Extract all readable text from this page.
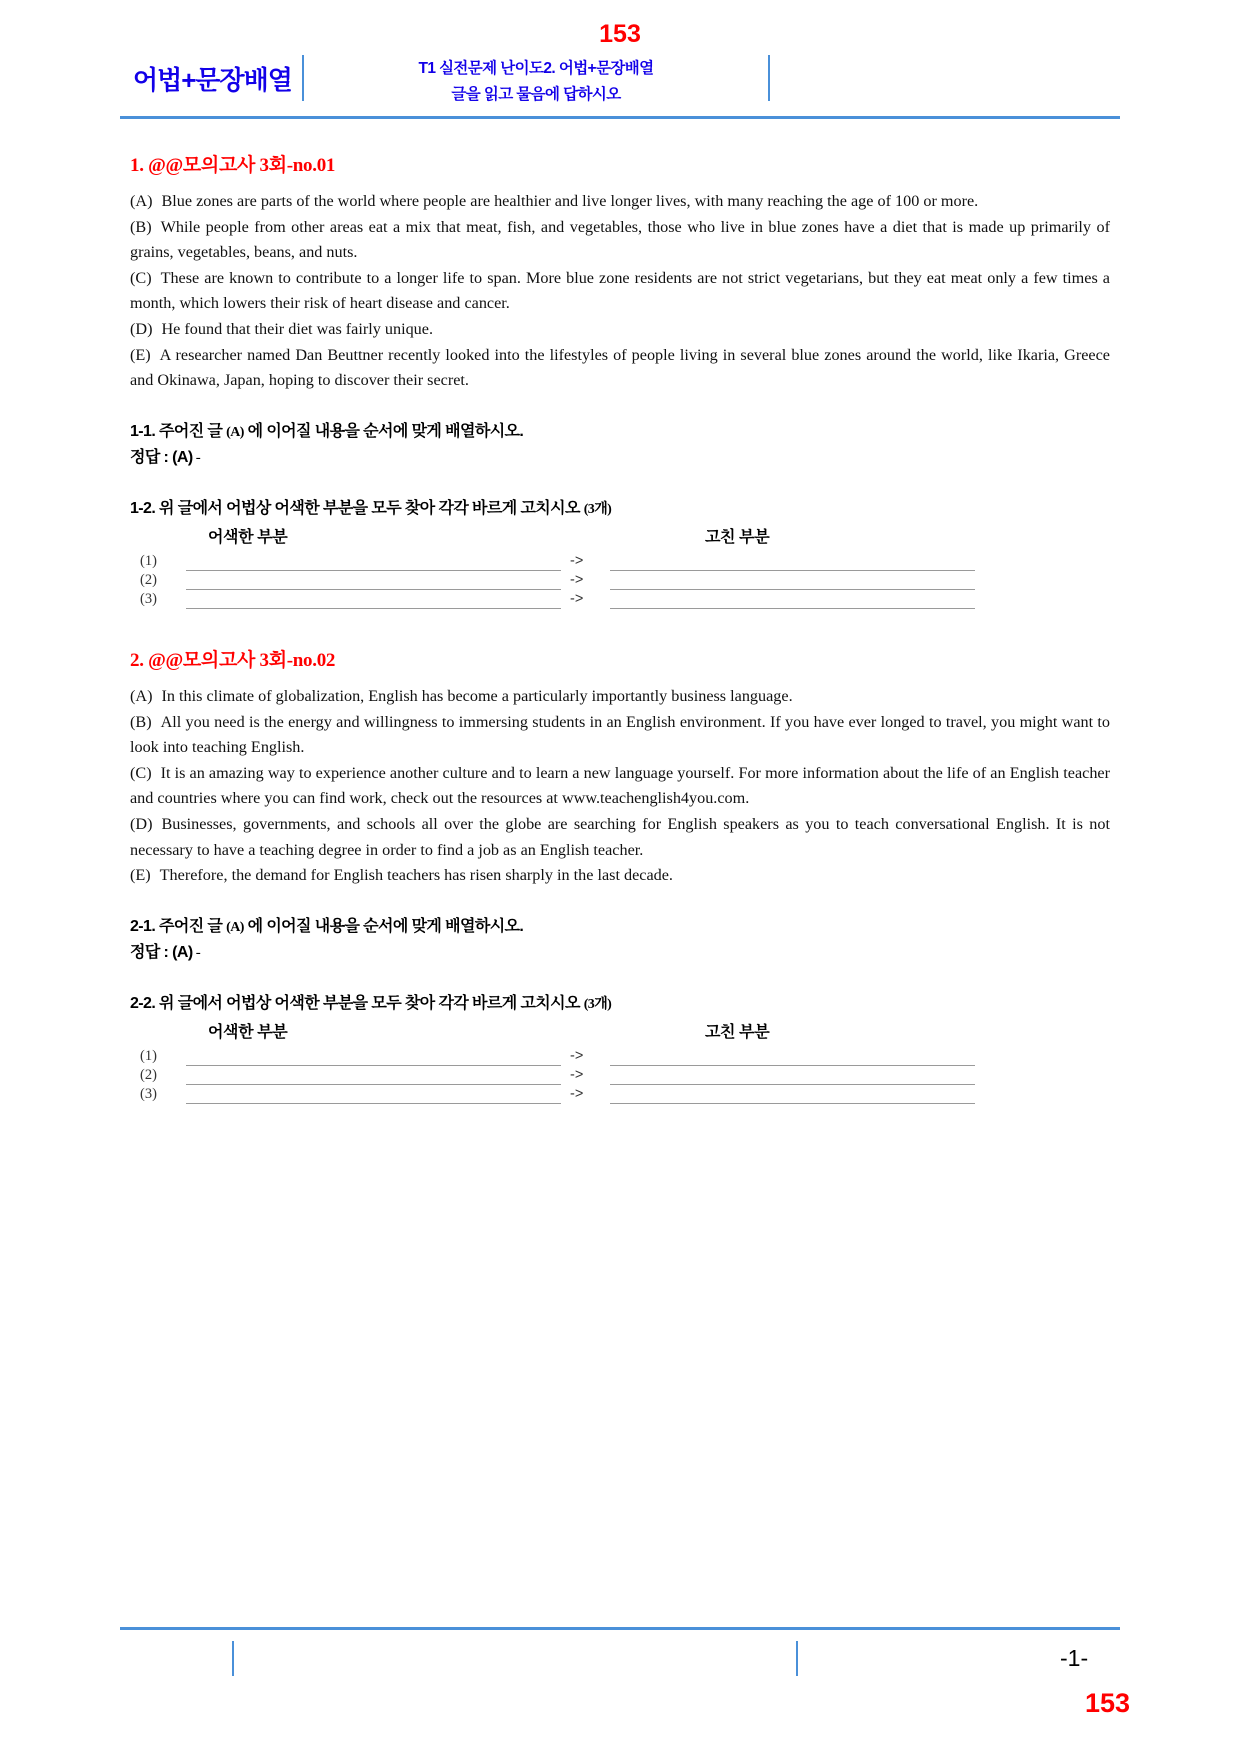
153
어법+문장배열	T1 실전문제 난이도2. 어법+문장배열
글을 읽고 물음에 답하시오
1. @@모의고사 3회-no.01

(A) Blue zones are parts of the world where people are healthier and live longer lives, with many reaching the age of 100 or more.

(B) While people from other areas eat a mix that meat, fish, and vegetables, those who live in blue zones have a diet that is made up primarily of grains, vegetables, beans, and nuts.

(C) These are known to contribute to a longer life to span. More blue zone residents are not strict vegetarians, but they eat meat only a few times a month, which lowers their risk of heart disease and cancer.

(D) He found that their diet was fairly unique.

(E) A researcher named Dan Beuttner recently looked into the lifestyles of people living in several blue zones around the world, like Ikaria, Greece and Okinawa, Japan, hoping to discover their secret.

1-1. 주어진 글 (A) 에 이어질 내용을 순서에 맞게 배열하시오.
정답 : (A) -
1-2. 위 글에서 어법상 어색한 부분을 모두 찾아 각각 바르게 고치시오 (3개)
어색한 부분	고친 부분
(1)	->
(2)	->
(3)	->
2. @@모의고사 3회-no.02

(A) In this climate of globalization, English has become a particularly importantly business language.

(B) All you need is the energy and willingness to immersing students in an English environment. If you have ever longed to travel, you might want to look into teaching English.

(C) It is an amazing way to experience another culture and to learn a new language yourself. For more information about the life of an English teacher and countries where you can find work, check out the resources at www.teachenglish4you.com.

(D) Businesses, governments, and schools all over the globe are searching for English speakers as you to teach conversational English. It is not necessary to have a teaching degree in order to find a job as an English teacher.

(E) Therefore, the demand for English teachers has risen sharply in the last decade.

2-1. 주어진 글 (A) 에 이어질 내용을 순서에 맞게 배열하시오.
정답 : (A) -
2-2. 위 글에서 어법상 어색한 부분을 모두 찾아 각각 바르게 고치시오 (3개)
어색한 부분	고친 부분
(1)	->
(2)	->
(3)	->
-1-
153
